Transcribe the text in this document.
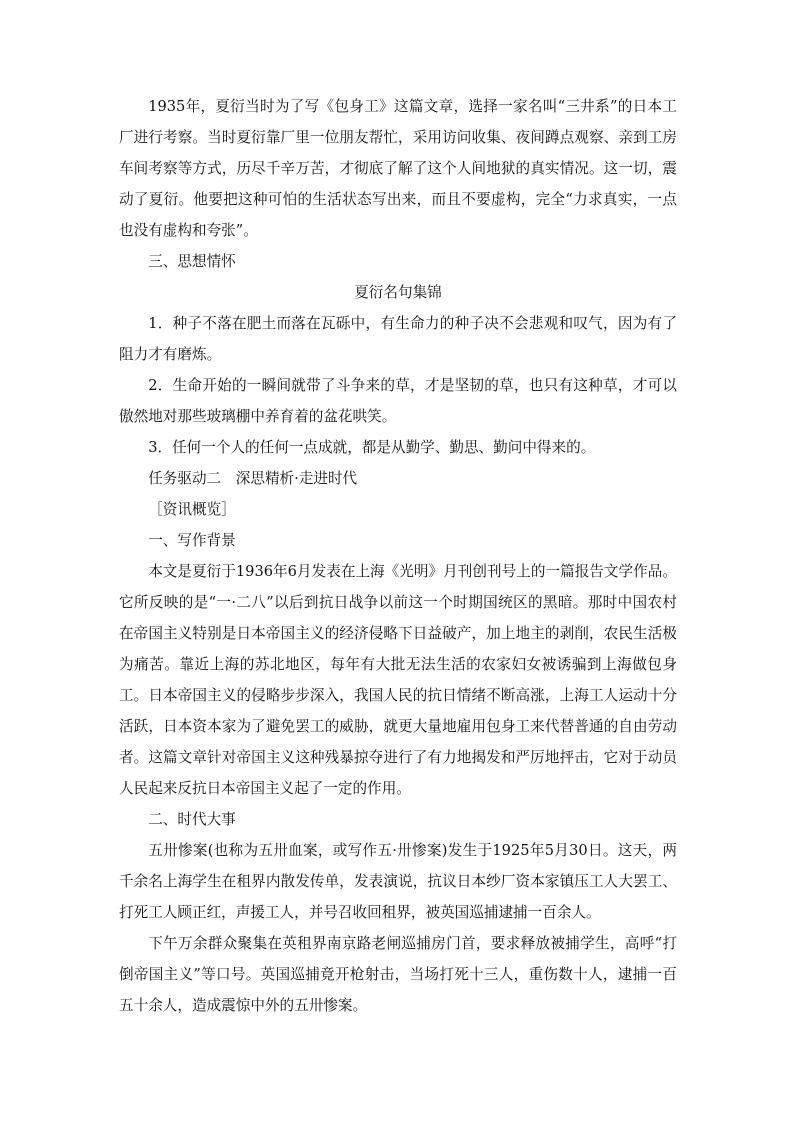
1935年，夏衍当时为了写《包身工》这篇文章，选择一家名叫“三井系”的日本工厂进行考察。当时夏衍靠厂里一位朋友帮忙，采用访问收集、夜间蹲点观察、亲到工房车间考察等方式，历尽千辛万苦，才彻底了解了这个人间地狱的真实情况。这一切，震动了夏衍。他要把这种可怕的生活状态写出来，而且不要虚构，完全“力求真实，一点也没有虚构和夸张”。

三、思想情怀

夏衍名句集锦

1．种子不落在肥土而落在瓦砾中，有生命力的种子决不会悲观和叹气，因为有了阻力才有磨炼。

2．生命开始的一瞬间就带了斗争来的草，才是坚韧的草，也只有这种草，才可以傲然地对那些玻璃棚中养育着的盆花哄笑。

3．任何一个人的任何一点成就，都是从勤学、勤思、勤问中得来的。

任务驱动二　深思精析·走进时代

［资讯概览］

一、写作背景

本文是夏衍于1936年6月发表在上海《光明》月刊创刊号上的一篇报告文学作品。它所反映的是“一·二八”以后到抗日战争以前这一个时期国统区的黑暗。那时中国农村在帝国主义特别是日本帝国主义的经济侵略下日益破产，加上地主的剥削，农民生活极为痛苦。靠近上海的苏北地区，每年有大批无法生活的农家妇女被诱骗到上海做包身工。日本帝国主义的侵略步步深入，我国人民的抗日情绪不断高涨，上海工人运动十分活跃，日本资本家为了避免罢工的威胁，就更大量地雇用包身工来代替普通的自由劳动者。这篇文章针对帝国主义这种残暴掠夺进行了有力地揭发和严厉地抨击，它对于动员人民起来反抗日本帝国主义起了一定的作用。

二、时代大事

五卅惨案(也称为五卅血案，或写作五·卅惨案)发生于1925年5月30日。这天，两千余名上海学生在租界内散发传单，发表演说，抗议日本纱厂资本家镇压工人大罢工、打死工人顾正红，声援工人，并号召收回租界，被英国巡捕逮捕一百余人。

下午万余群众聚集在英租界南京路老闸巡捕房门首，要求释放被捕学生，高呼“打倒帝国主义”等口号。英国巡捕竟开枪射击，当场打死十三人，重伤数十人，逮捕一百五十余人，造成震惊中外的五卅惨案。
